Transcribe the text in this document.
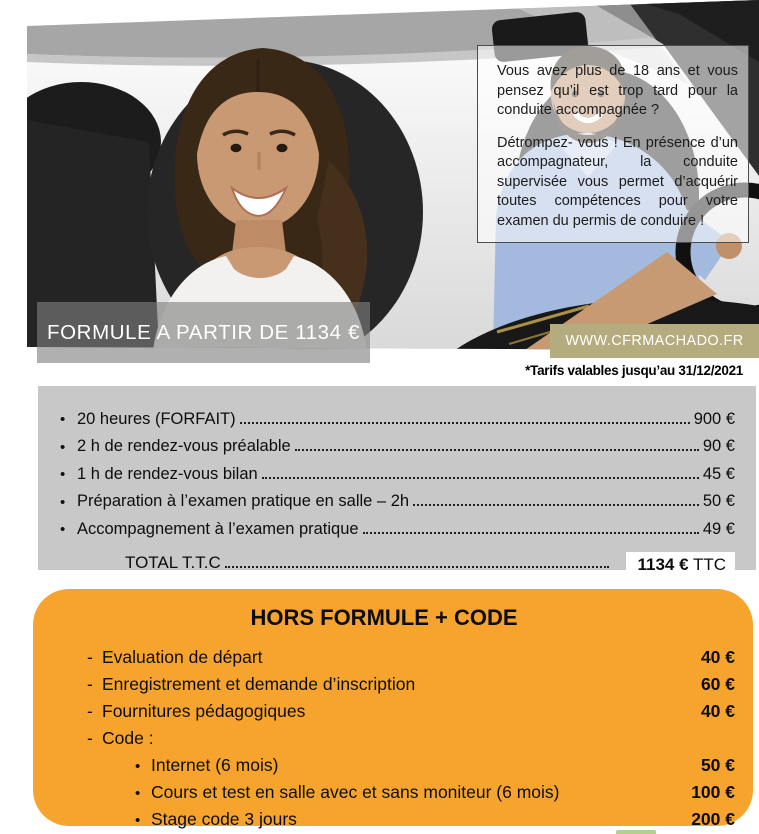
Vous avez plus de 18 ans et vous pensez qu’il est trop tard pour la conduite accompagnée ?

Détrompez- vous ! En présence d’un accompagnateur, la conduite supervisée vous permet d’acquérir toutes compétences pour votre examen du permis de conduire !

FORMULE A PARTIR DE 1134 €	WWW.CFRMACHADO.FR
*Tarifs valables jusqu’au 31/12/2021
• 20 heures (FORFAIT)	900 €
• 2 h de rendez-vous préalable	90 €
• 1 h de rendez-vous bilan	45 €
• Préparation à l’examen pratique en salle – 2h	50 €
• Accompagnement à l’examen pratique	49 €
TOTAL T.T.C	1134 € TTC
HORS FORMULE + CODE
- Evaluation de départ	40 €
- Enregistrement et demande d’inscription	60 €
- Fournitures pédagogiques	40 €
- Code :
• Internet (6 mois)	50 €
• Cours et test en salle avec et sans moniteur (6 mois)	100 €
• Stage code 3 jours	200 €
